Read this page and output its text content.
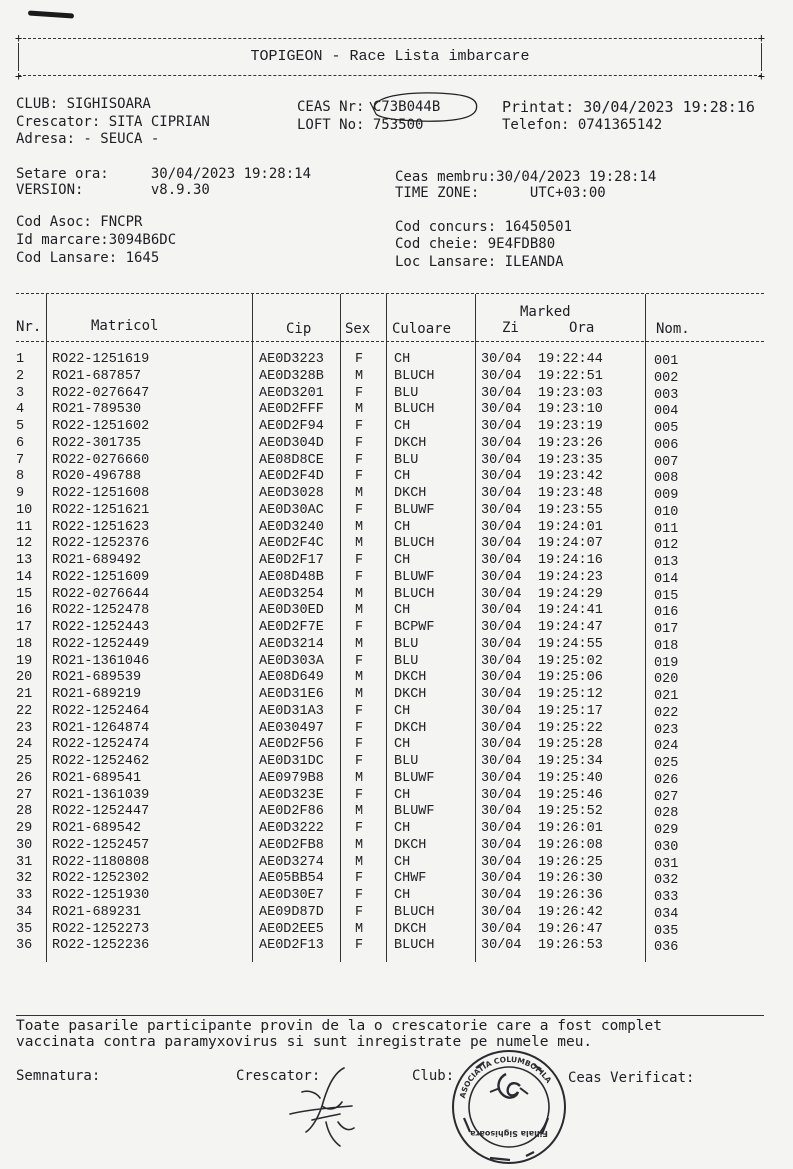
+	+
+	+
TOPIGEON - Race Lista imbarcare
CLUB: SIGHISOARA
Crescator: SITA CIPRIAN
Adresa: - SEUCA -
CEAS Nr: C73B044B
LOFT No: 753500
Printat: 30/04/2023 19:28:16
Telefon: 0741365142
Setare ora:     30/04/2023 19:28:14
VERSION:        v8.9.30
Ceas membru:30/04/2023 19:28:14
TIME ZONE:      UTC+03:00
Cod Asoc: FNCPR
Id marcare:3094B6DC
Cod Lansare: 1645
Cod concurs: 16450501
Cod cheie: 9E4FDB80
Loc Lansare: ILEANDA
Nr.	Matricol	Cip Sex Culoare
Marked
Zi	Ora	Nom.
1 RO22-1251619	AE0D3223 F CH	30/04 19:22:44	001
2 RO21-687857	AE0D328B M BLUCH	30/04 19:22:51	002
3 RO22-0276647	AE0D3201 F BLU	30/04 19:23:03	003
4 RO21-789530	AE0D2FFF M BLUCH	30/04 19:23:10	004
5 RO22-1251602	AE0D2F94 F CH	30/04 19:23:19	005
6 RO22-301735	AE0D304D F DKCH	30/04 19:23:26	006
7 RO22-0276660	AE08D8CE F BLU	30/04 19:23:35	007
8 RO20-496788	AE0D2F4D F CH	30/04 19:23:42	008
9 RO22-1251608	AE0D3028 M DKCH	30/04 19:23:48	009
10 RO22-1251621	AE0D30AC F BLUWF	30/04 19:23:55	010
11 RO22-1251623	AE0D3240 M CH	30/04 19:24:01	011
12 RO22-1252376	AE0D2F4C M BLUCH	30/04 19:24:07	012
13 RO21-689492	AE0D2F17 F CH	30/04 19:24:16	013
14 RO22-1251609	AE08D48B F BLUWF	30/04 19:24:23	014
15 RO22-0276644	AE0D3254 M BLUCH	30/04 19:24:29	015
16 RO22-1252478	AE0D30ED M CH	30/04 19:24:41	016
17 RO22-1252443	AE0D2F7E F BCPWF	30/04 19:24:47	017
18 RO22-1252449	AE0D3214 M BLU	30/04 19:24:55	018
19 RO21-1361046	AE0D303A F BLU	30/04 19:25:02	019
20 RO21-689539	AE08D649 M DKCH	30/04 19:25:06	020
21 RO21-689219	AE0D31E6 M DKCH	30/04 19:25:12	021
22 RO22-1252464	AE0D31A3 F CH	30/04 19:25:17	022
23 RO21-1264874	AE030497 F DKCH	30/04 19:25:22	023
24 RO22-1252474	AE0D2F56 F CH	30/04 19:25:28	024
25 RO22-1252462	AE0D31DC F BLU	30/04 19:25:34	025
26 RO21-689541	AE0979B8 M BLUWF	30/04 19:25:40	026
27 RO21-1361039	AE0D323E F CH	30/04 19:25:46	027
28 RO22-1252447	AE0D2F86 M BLUWF	30/04 19:25:52	028
29 RO21-689542	AE0D3222 F CH	30/04 19:26:01	029
30 RO22-1252457	AE0D2FB8 M DKCH	30/04 19:26:08	030
31 RO22-1180808	AE0D3274 M CH	30/04 19:26:25	031
32 RO22-1252302	AE05BB54 F CHWF	30/04 19:26:30	032
33 RO22-1251930	AE0D30E7 F CH	30/04 19:26:36	033
34 RO21-689231	AE09D87D F BLUCH	30/04 19:26:42	034
35 RO22-1252273	AE0D2EE5 M DKCH	30/04 19:26:47	035
36 RO22-1252236	AE0D2F13 F BLUCH	30/04 19:26:53	036
Toate pasarile participante provin de la o crescatorie care a fost complet
vaccinata contra paramyxovirus si sunt inregistrate pe numele meu.
Semnatura:	Crescator:	Club:	Ceas Verificat:
Filiala Sighisoara
ASOCIATIA COLUMBOFILA
